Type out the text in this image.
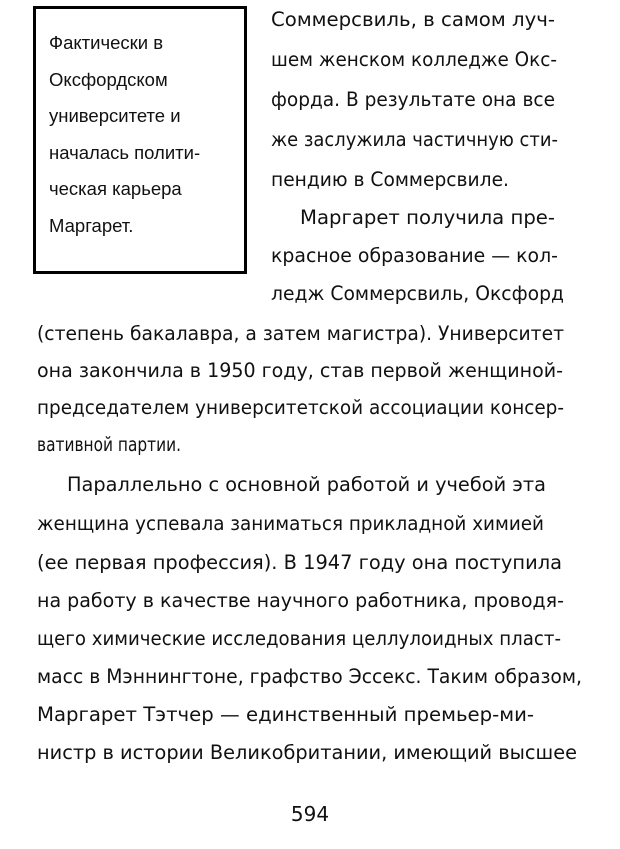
Фактически в
Оксфордском
университете и
началась полити-
ческая карьера
Маргарет.
Соммерсвиль, в самом луч-
шем женском колледже Окс-
форда. В результате она все
же заслужила частичную сти-
пендию в Соммерсвиле.
Маргарет получила пре-
красное образование — кол-
ледж Соммерсвиль, Оксфорд
(степень бакалавра, а затем магистра). Университет
она закончила в 1950 году, став первой женщиной-
председателем университетской ассоциации консер-
вативной партии.
Параллельно с основной работой и учебой эта
женщина успевала заниматься прикладной химией
(ее первая профессия). В 1947 году она поступила
на работу в качестве научного работника, проводя-
щего химические исследования целлулоидных пласт-
масс в Мэннингтоне, графство Эссекс. Таким образом,
Маргарет Тэтчер — единственный премьер-ми-
нистр в истории Великобритании, имеющий высшее
594
